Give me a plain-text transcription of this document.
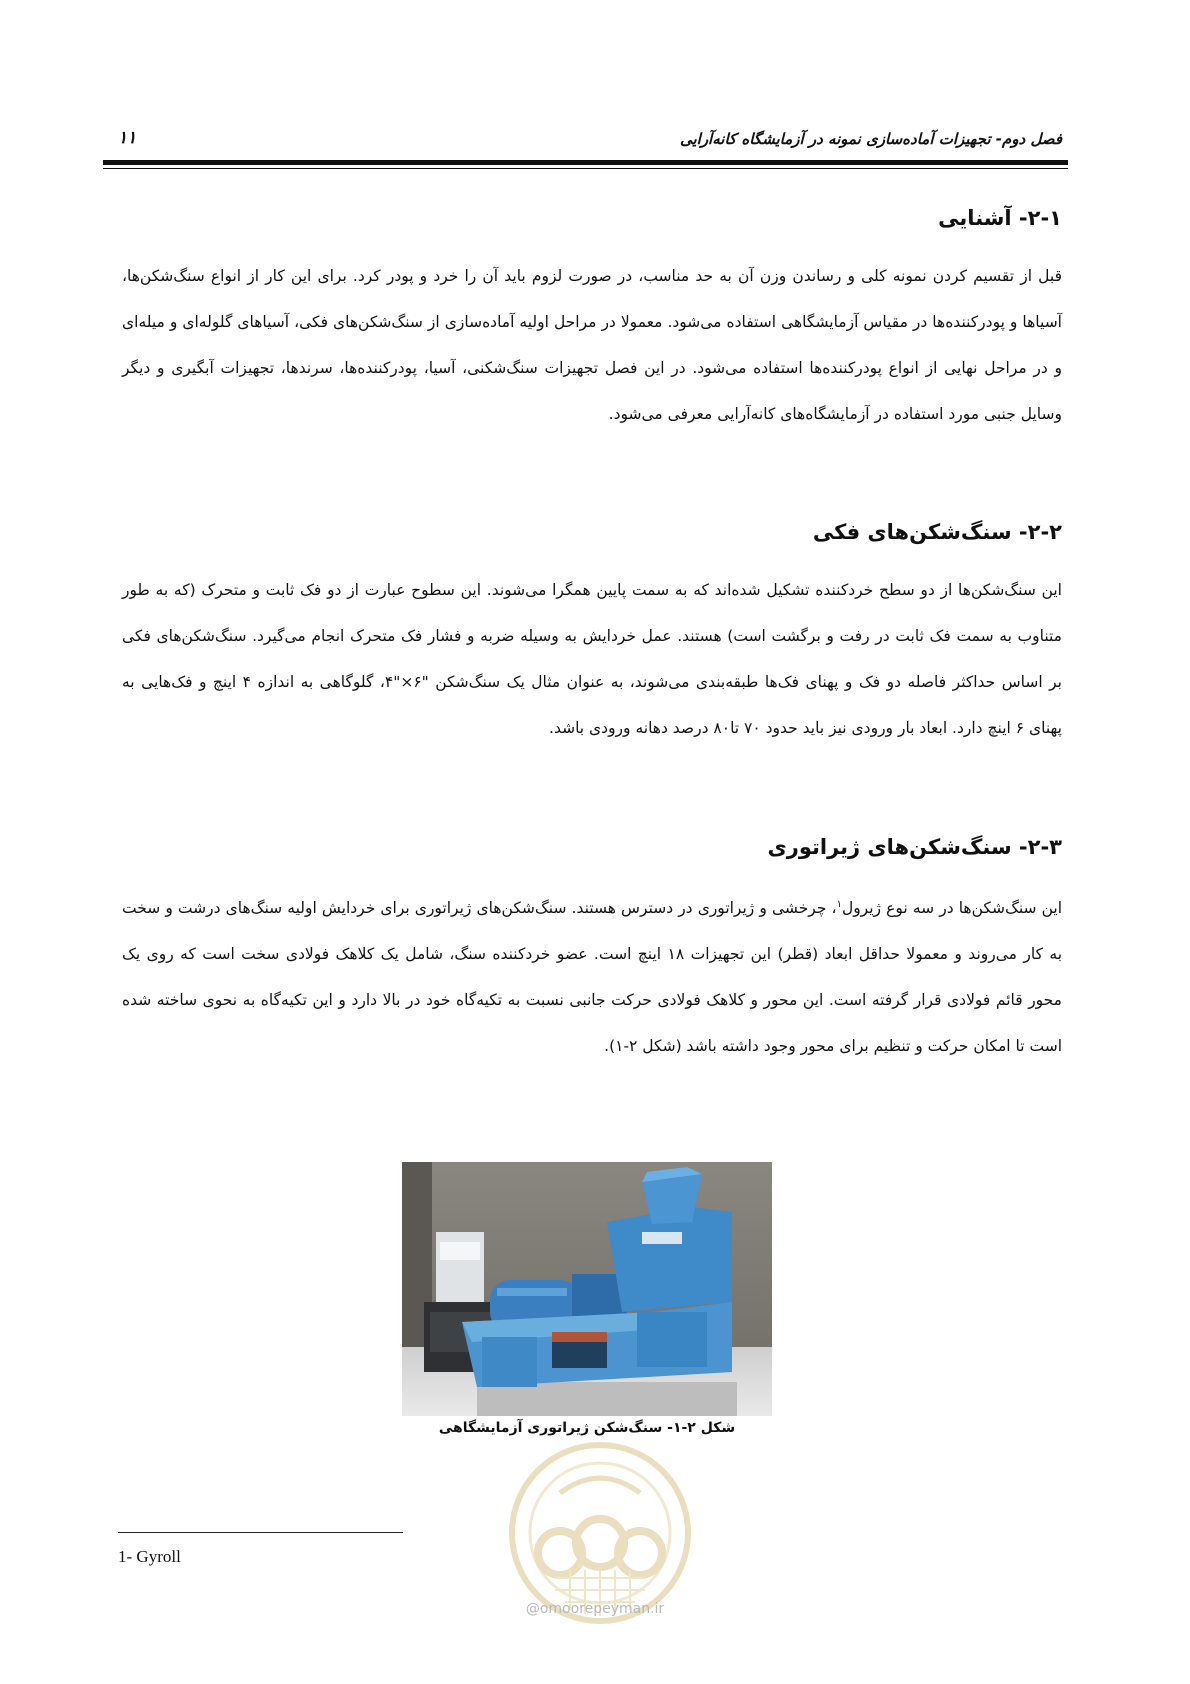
فصل دوم- تجهیزات آماده‌سازی نمونه در آزمایشگاه کانه‌آرایی
۱۱
۲-۱- آشنایی
قبل از تقسیم کردن نمونه کلی و رساندن وزن آن به حد مناسب، در صورت لزوم باید آن را خرد و پودر کرد. برای این کار از انواع سنگ‌شکن‌ها، آسیاها و پودرکننده‌ها در مقیاس آزمایشگاهی استفاده می‌شود. معمولا در مراحل اولیه آماده‌سازی از سنگ‌شکن‌های فکی، آسیاهای گلوله‌ای و میله‌ای و در مراحل نهایی از انواع پودرکننده‌ها استفاده می‌شود. در این فصل تجهیزات سنگ‌شکنی، آسیا، پودرکننده‌ها، سرندها، تجهیزات آبگیری و دیگر وسایل جنبی مورد استفاده در آزمایشگاه‌های کانه‌آرایی معرفی می‌شود.
۲-۲- سنگ‌شکن‌های فکی
این سنگ‌شکن‌ها از دو سطح خردکننده تشکیل شده‌اند که به سمت پایین همگرا می‌شوند. این سطوح عبارت از دو فک ثابت و متحرک (که به طور متناوب به سمت فک ثابت در رفت و برگشت است) هستند. عمل خردایش به وسیله ضربه و فشار فک متحرک انجام می‌گیرد. سنگ‌شکن‌های فکی بر اساس حداکثر فاصله دو فک و پهنای فک‌ها طبقه‌بندی می‌شوند، به عنوان مثال یک سنگ‌شکن "۶×"۴، گلوگاهی به اندازه ۴ اینچ و فک‌هایی به پهنای ۶ اینچ دارد. ابعاد بار ورودی نیز باید حدود ۷۰ تا۸۰ درصد دهانه ورودی باشد.
۲-۳- سنگ‌شکن‌های ژیراتوری
این سنگ‌شکن‌ها در سه نوع ژیرول$^۱$، چرخشی و ژیراتوری در دسترس هستند. سنگ‌شکن‌های ژیراتوری برای خردایش اولیه سنگ‌های درشت و سخت به کار می‌روند و معمولا حداقل ابعاد (قطر) این تجهیزات ۱۸ اینچ است. عضو خردکننده سنگ، شامل یک کلاهک فولادی سخت است که روی یک محور قائم فولادی قرار گرفته است. این محور و کلاهک فولادی حرکت جانبی نسبت به تکیه‌گاه خود در بالا دارد و این تکیه‌گاه به نحوی ساخته شده است تا امکان حرکت و تنظیم برای محور وجود داشته باشد (شکل ۲-۱).
شکل ۲-۱- سنگ‌شکن ژیراتوری آزمایشگاهی
@omoorepeyman.ir
1- Gyroll
